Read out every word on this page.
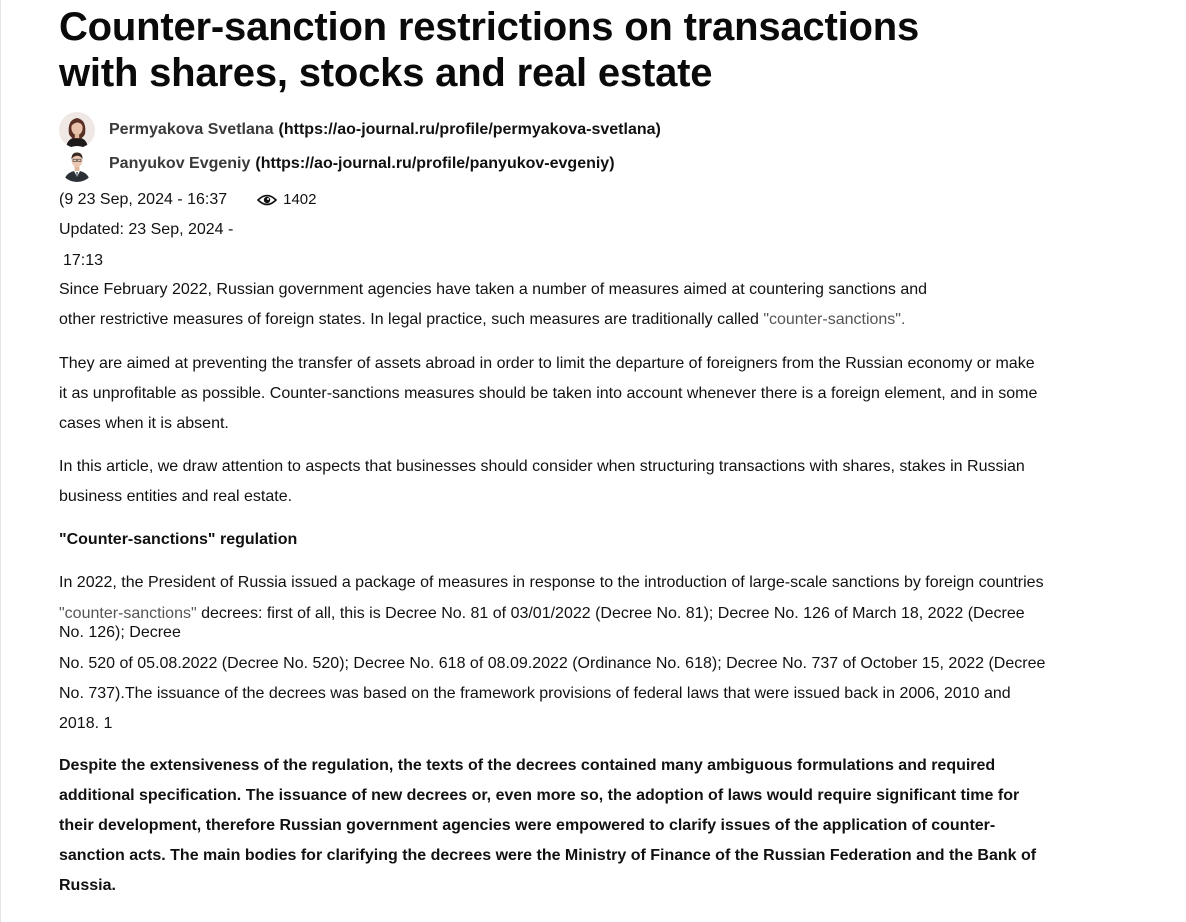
Counter-sanction restrictions on transactions
with shares, stocks and real estate
Permyakova Svetlana (https://ao-journal.ru/profile/permyakova-svetlana)
Panyukov Evgeniy (https://ao-journal.ru/profile/panyukov-evgeniy)
(9 23 Sep, 2024 - 16:37	1402
Updated: 23 Sep, 2024 -
17:13

Since February 2022, Russian government agencies have taken a number of measures aimed at countering sanctions and
other restrictive measures of foreign states. In legal practice, such measures are traditionally called "counter-sanctions".

They are aimed at preventing the transfer of assets abroad in order to limit the departure of foreigners from the Russian economy or make
it as unprofitable as possible. Counter-sanctions measures should be taken into account whenever there is a foreign element, and in some
cases when it is absent.

In this article, we draw attention to aspects that businesses should consider when structuring transactions with shares, stakes in Russian
business entities and real estate.

"Counter-sanctions" regulation

In 2022, the President of Russia issued a package of measures in response to the introduction of large-scale sanctions by foreign countries

"counter-sanctions" decrees: first of all, this is Decree No. 81 of 03/01/2022 (Decree No. 81); Decree No. 126 of March 18, 2022 (Decree

No. 126); Decree

No. 520 of 05.08.2022 (Decree No. 520); Decree No. 618 of 08.09.2022 (Ordinance No. 618); Decree No. 737 of October 15, 2022 (Decree
No. 737).The issuance of the decrees was based on the framework provisions of federal laws that were issued back in 2006, 2010 and
2018. 1

Despite the extensiveness of the regulation, the texts of the decrees contained many ambiguous formulations and required
additional specification. The issuance of new decrees or, even more so, the adoption of laws would require significant time for
their development, therefore Russian government agencies were empowered to clarify issues of the application of counter-
sanction acts. The main bodies for clarifying the decrees were the Ministry of Finance of the Russian Federation and the Bank of
Russia.
